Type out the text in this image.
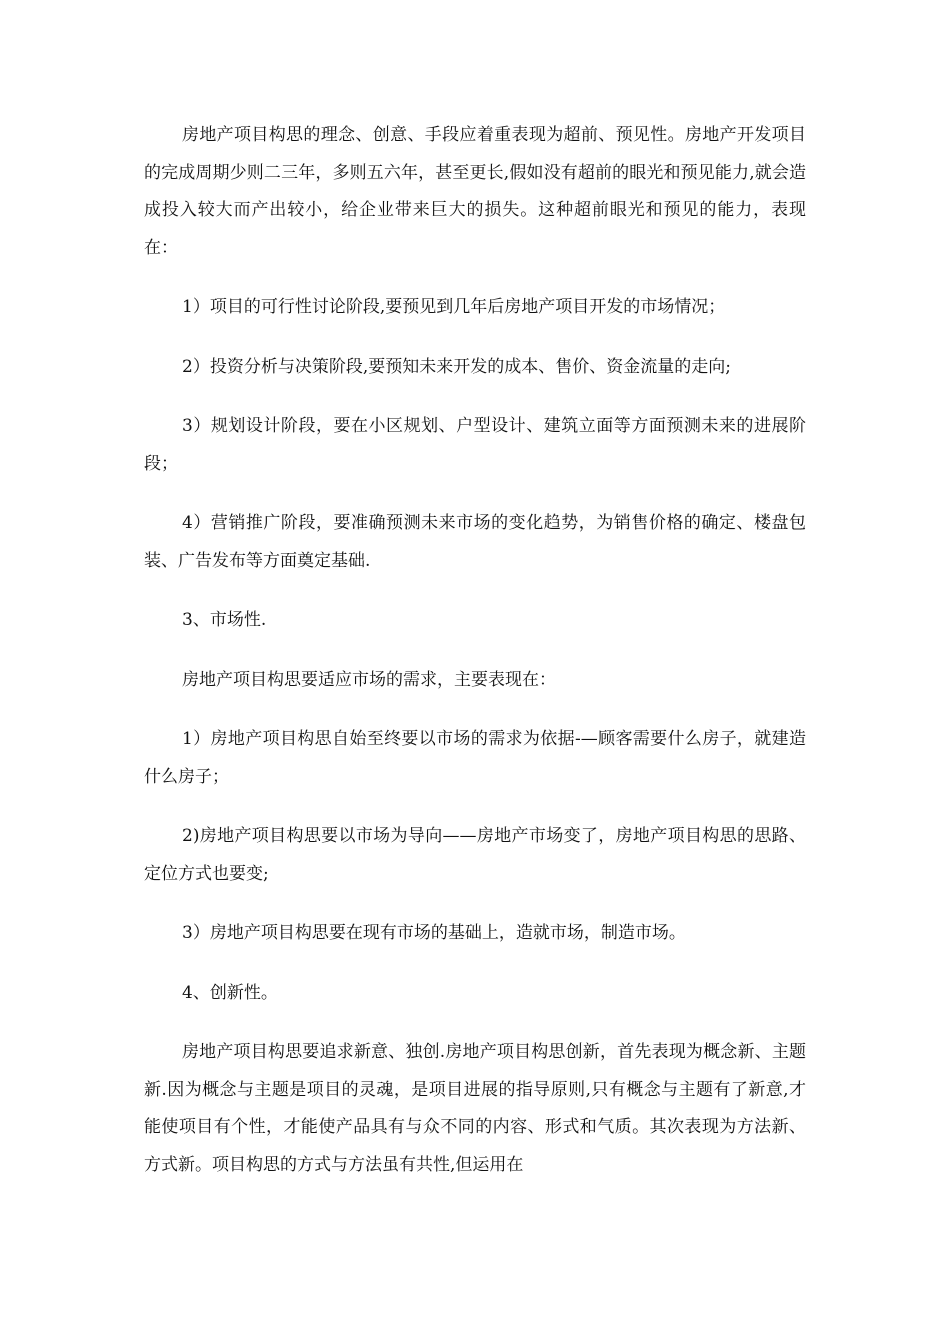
房地产项目构思的理念、创意、手段应着重表现为超前、预见性。房地产开发项目的完成周期少则二三年，多则五六年，甚至更长,假如没有超前的眼光和预见能力,就会造成投入较大而产出较小，给企业带来巨大的损失。这种超前眼光和预见的能力，表现在：

1）项目的可行性讨论阶段,要预见到几年后房地产项目开发的市场情况；

2）投资分析与决策阶段,要预知未来开发的成本、售价、资金流量的走向;

3）规划设计阶段，要在小区规划、户型设计、建筑立面等方面预测未来的进展阶段；

4）营销推广阶段，要准确预测未来市场的变化趋势，为销售价格的确定、楼盘包装、广告发布等方面奠定基础.

3、市场性.

房地产项目构思要适应市场的需求，主要表现在：

1）房地产项目构思自始至终要以市场的需求为依据-—顾客需要什么房子，就建造什么房子；

2)房地产项目构思要以市场为导向——房地产市场变了，房地产项目构思的思路、定位方式也要变;

3）房地产项目构思要在现有市场的基础上，造就市场，制造市场。

4、创新性。

房地产项目构思要追求新意、独创.房地产项目构思创新，首先表现为概念新、主题新.因为概念与主题是项目的灵魂，是项目进展的指导原则,只有概念与主题有了新意,才能使项目有个性，才能使产品具有与众不同的内容、形式和气质。其次表现为方法新、方式新。项目构思的方式与方法虽有共性,但运用在
